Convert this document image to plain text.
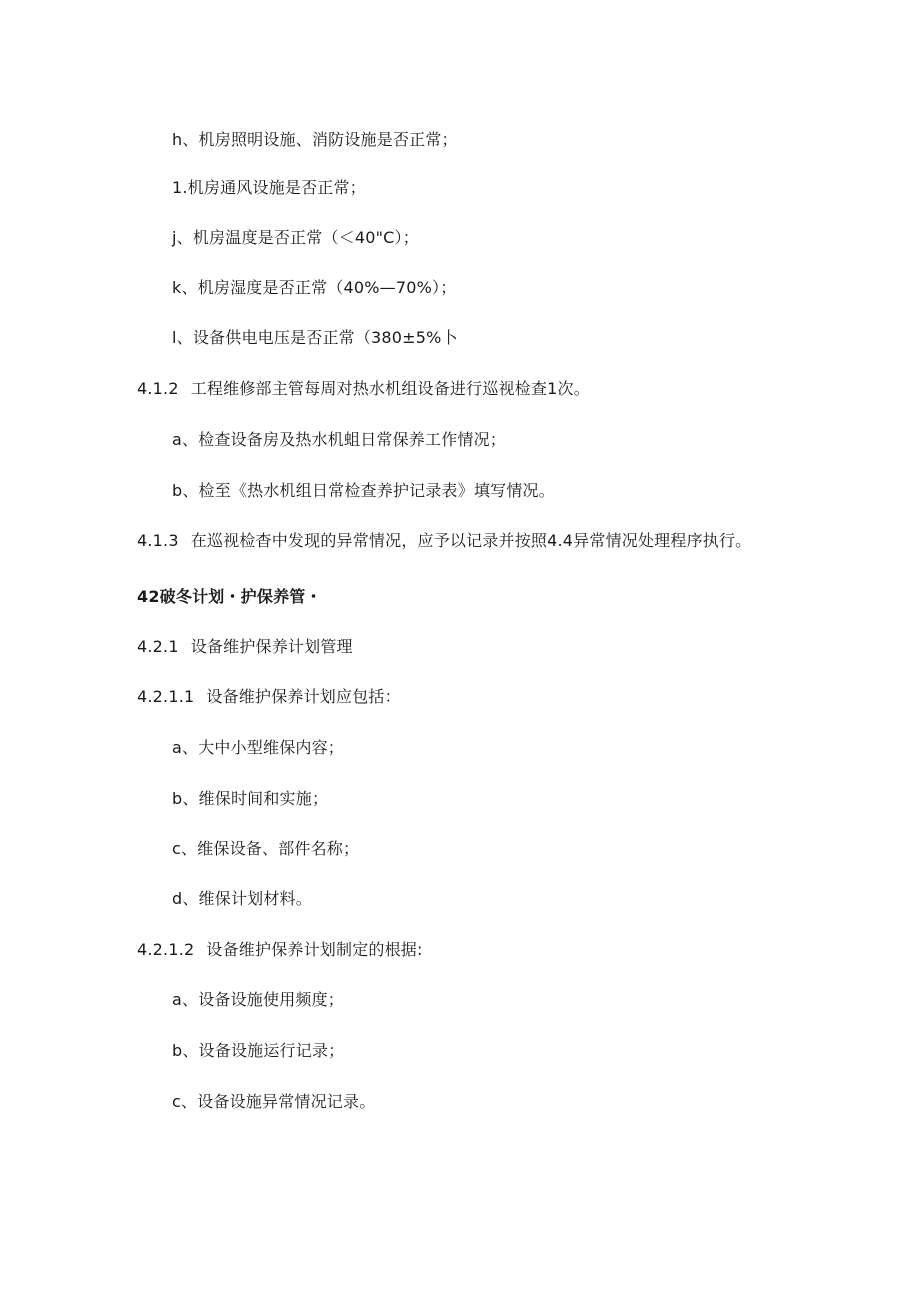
h、机房照明设施、消防设施是否正常；
1.机房通风设施是否正常；
j、机房温度是否正常（＜40"C）；
k、机房湿度是否正常（40%—70%）；
l、设备供电电压是否正常（380±5%卜
4.1.2 工程维修部主管每周对热水机组设备进行巡视检查1次。
a、检查设备房及热水机蛆日常保养工作情况；
b、检至《热水机组日常检查养护记录表》填写情况。
4.1.3 在巡视检杳中发现的异常情况，应予以记录并按照4.4异常情况处理程序执行。
42破冬计划・护保养管・
4.2.1 设备维护保养计划管理
4.2.1.1 设备维护保养计划应包括：
a、大中小型维保内容；
b、维保时间和实施；
c、维保设备、部件名称；
d、维保计划材料。
4.2.1.2 设备维护保养计划制定的根据:
a、设备设施使用频度；
b、设备设施运行记录；
c、设备设施异常情况记录。
